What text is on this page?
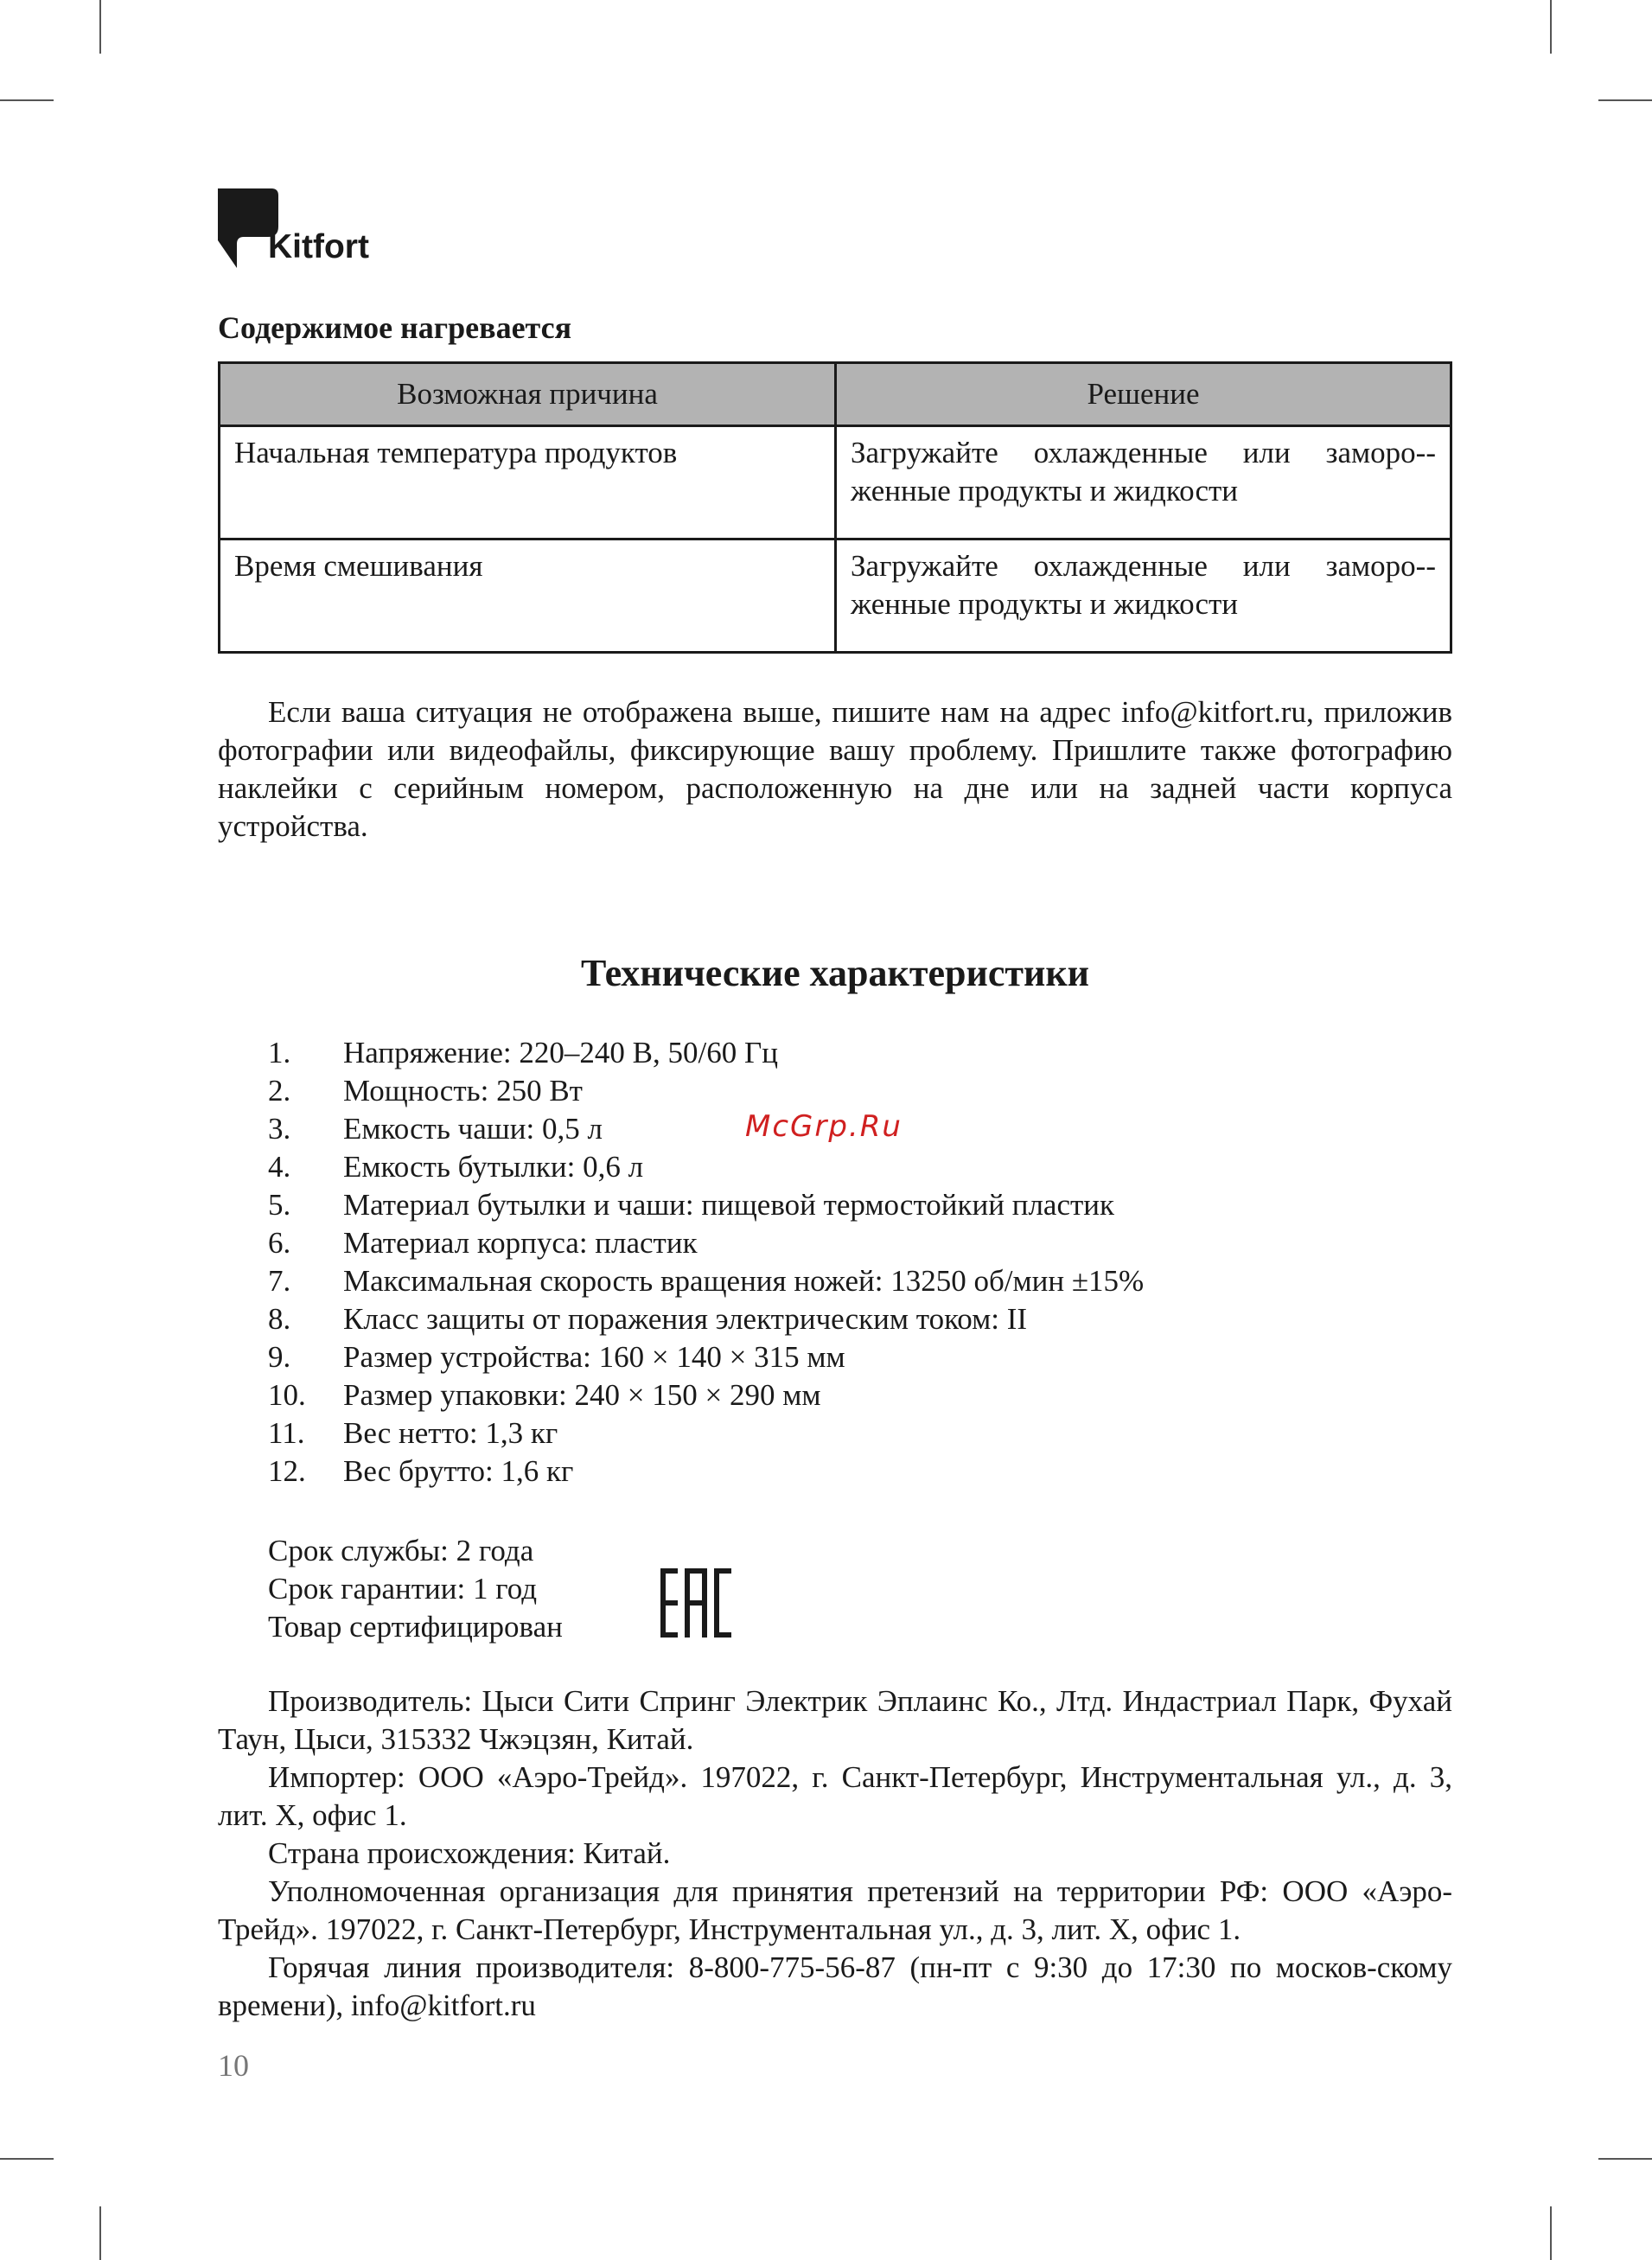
Kitfort
Содержимое нагревается
Возможная причина	Решение
Начальная температура продуктов	Загружайте охлажденные или заморо-женные продукты и жидкости
Время смешивания	Загружайте охлажденные или заморо-женные продукты и жидкости

Если ваша ситуация не отображена выше, пишите нам на адрес info@kitfort.ru, приложив фотографии или видеофайлы, фиксирующие вашу проблему. Пришлите также фотографию наклейки с серийным номером, расположенную на дне или на задней части корпуса устройства.

Технические характеристики
1.	Напряжение: 220–240 В, 50/60 Гц
2.	Мощность: 250 Вт
3.	Емкость чаши: 0,5 л
4.	Емкость бутылки: 0,6 л
5.	Материал бутылки и чаши: пищевой термостойкий пластик
6.	Материал корпуса: пластик
7.	Максимальная скорость вращения ножей: 13250 об/мин ±15%
8.	Класс защиты от поражения электрическим током: II
9.	Размер устройства: 160 × 140 × 315 мм
10.	Размер упаковки: 240 × 150 × 290 мм
11.	Вес нетто: 1,3 кг
12.	Вес брутто: 1,6 кг
McGrp.Ru
Срок службы: 2 года
Срок гарантии: 1 год
Товар сертифицирован

Производитель: Цыси Сити Спринг Электрик Эплаинс Ко., Лтд. Индастриал Парк, Фухай Таун, Цыси, 315332 Чжэцзян, Китай.

Импортер: ООО «Аэро-Трейд». 197022, г. Санкт-Петербург, Инструментальная ул., д. 3, лит. Х, офис 1.

Страна происхождения: Китай.

Уполномоченная организация для принятия претензий на территории РФ: ООО «Аэро-Трейд». 197022, г. Санкт-Петербург, Инструментальная ул., д. 3, лит. Х, офис 1.

Горячая линия производителя: 8-800-775-56-87 (пн-пт с 9:30 до 17:30 по москов-скому времени), info@kitfort.ru

10
